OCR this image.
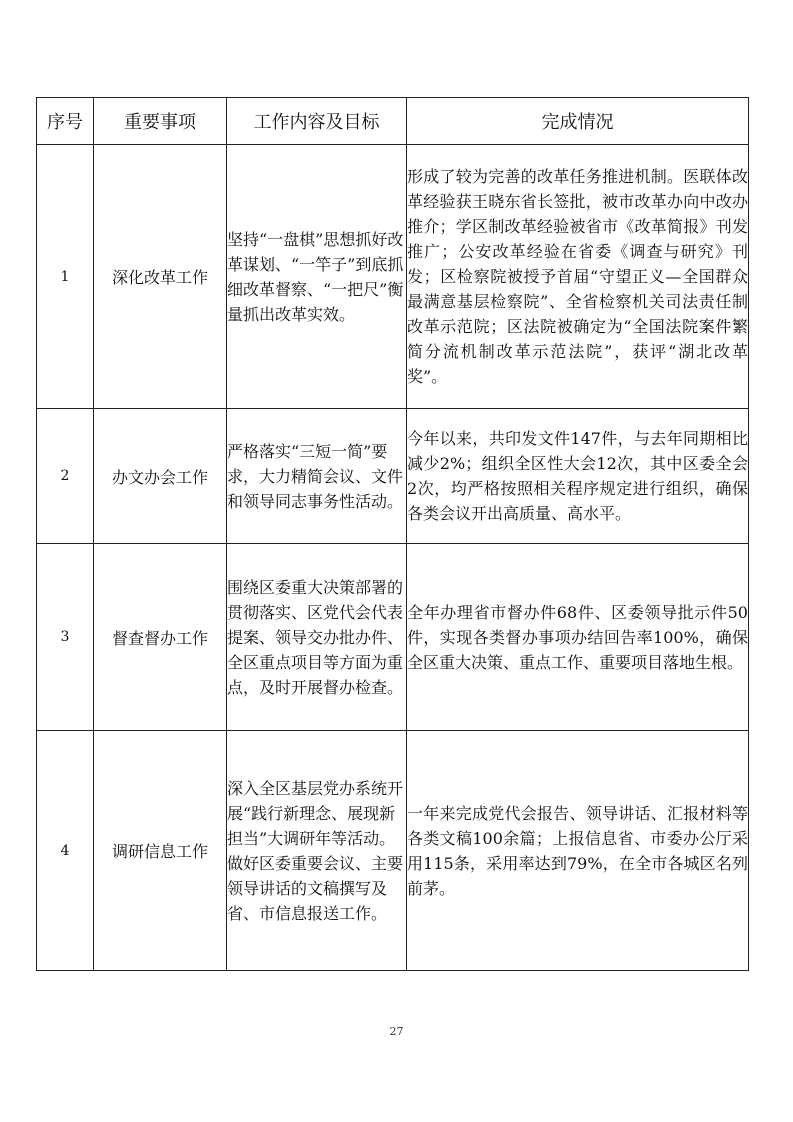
序号	重要事项	工作内容及目标	完成情况
1	深化改革工作	坚持“一盘棋”思想抓好改革谋划、“一竿子”到底抓细改革督察、“一把尺”衡量抓出改革实效。	形成了较为完善的改革任务推进机制。医联体改革经验获王晓东省长签批，被市改革办向中改办推介；学区制改革经验被省市《改革简报》刊发推广；公安改革经验在省委《调查与研究》刊发；区检察院被授予首届“守望正义—全国群众最满意基层检察院”、全省检察机关司法责任制改革示范院；区法院被确定为“全国法院案件繁简分流机制改革示范法院”，获评“湖北改革奖”。
2	办文办会工作	严格落实“三短一简”要求，大力精简会议、文件和领导同志事务性活动。	今年以来，共印发文件147件，与去年同期相比减少2%；组织全区性大会12次，其中区委全会2次，均严格按照相关程序规定进行组织，确保各类会议开出高质量、高水平。
3	督查督办工作	围绕区委重大决策部署的贯彻落实、区党代会代表提案、领导交办批办件、全区重点项目等方面为重点，及时开展督办检查。	全年办理省市督办件68件、区委领导批示件50件，实现各类督办事项办结回告率100%，确保全区重大决策、重点工作、重要项目落地生根。
4	调研信息工作	深入全区基层党办系统开展“践行新理念、展现新担当”大调研年等活动。做好区委重要会议、主要领导讲话的文稿撰写及省、市信息报送工作。	一年来完成党代会报告、领导讲话、汇报材料等各类文稿100余篇；上报信息省、市委办公厅采用115条，采用率达到79%，在全市各城区名列前茅。
27
